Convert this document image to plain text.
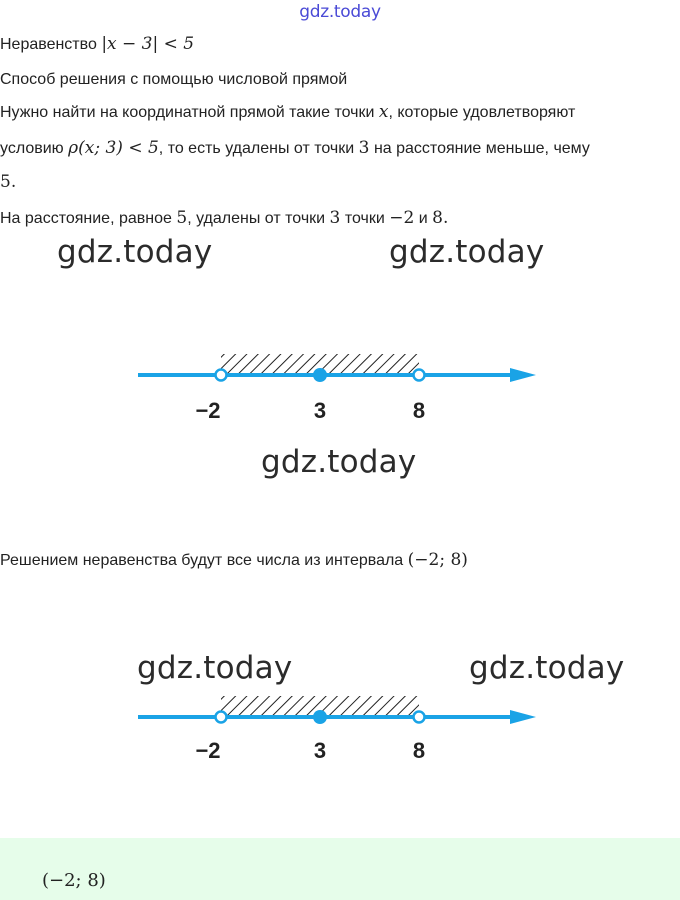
gdz.today

Неравенство |x − 3| < 5

Способ решения с помощью числовой прямой

Нужно найти на координатной прямой такие точки x, которые удовлетворяют

условию ρ(x; 3) < 5, то есть удалены от точки 3 на расстояние меньше, чему

5.

На расстояние, равное 5, удалены от точки 3 точки −2 и 8.

gdz.today	gdz.today
−2	3	8
gdz.today

Решением неравенства будут все числа из интервала (−2; 8)

gdz.today	gdz.today
−2	3	8
(−2; 8)
